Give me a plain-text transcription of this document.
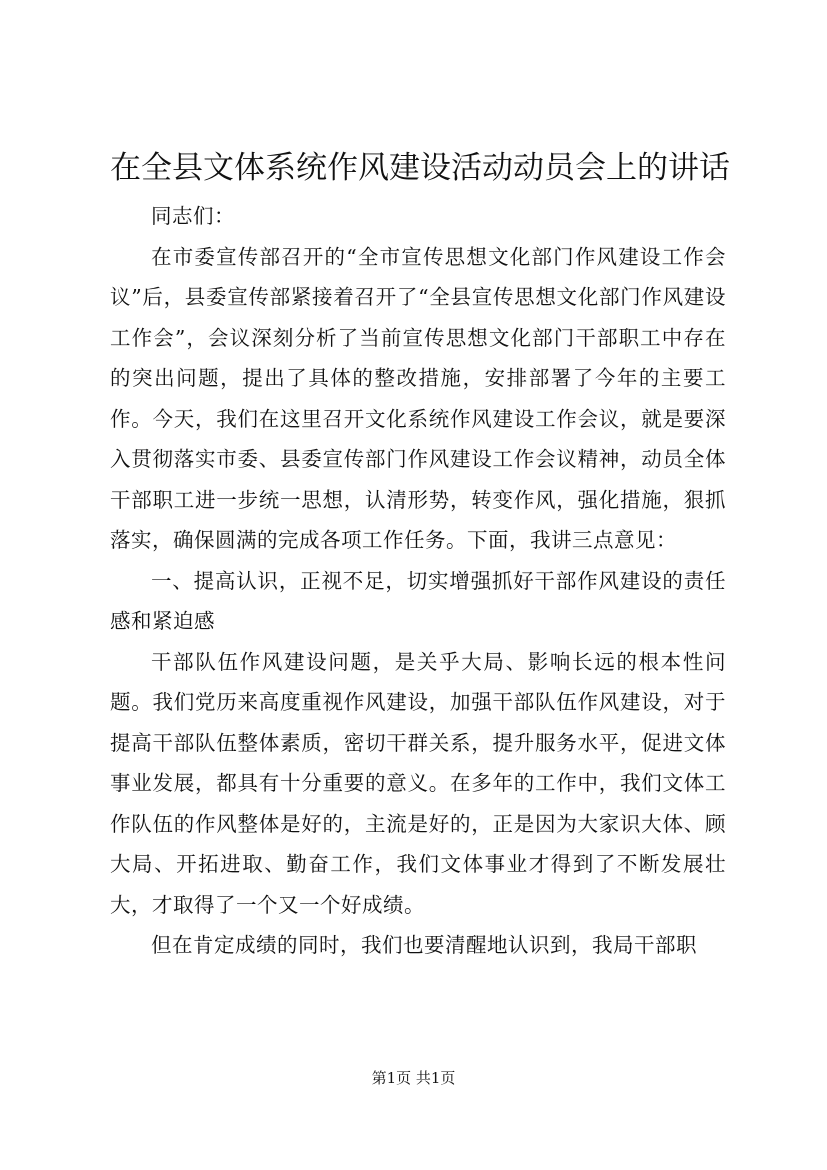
在全县文体系统作风建设活动动员会上的讲话

同志们：

在市委宣传部召开的“全市宣传思想文化部门作风建设工作会议”后，县委宣传部紧接着召开了“全县宣传思想文化部门作风建设工作会”，会议深刻分析了当前宣传思想文化部门干部职工中存在的突出问题，提出了具体的整改措施，安排部署了今年的主要工作。今天，我们在这里召开文化系统作风建设工作会议，就是要深入贯彻落实市委、县委宣传部门作风建设工作会议精神，动员全体干部职工进一步统一思想，认清形势，转变作风，强化措施，狠抓落实，确保圆满的完成各项工作任务。下面，我讲三点意见：

一、提高认识，正视不足，切实增强抓好干部作风建设的责任感和紧迫感

干部队伍作风建设问题，是关乎大局、影响长远的根本性问题。我们党历来高度重视作风建设，加强干部队伍作风建设，对于提高干部队伍整体素质，密切干群关系，提升服务水平，促进文体事业发展，都具有十分重要的意义。在多年的工作中，我们文体工作队伍的作风整体是好的，主流是好的，正是因为大家识大体、顾大局、开拓进取、勤奋工作，我们文体事业才得到了不断发展壮大，才取得了一个又一个好成绩。

但在肯定成绩的同时，我们也要清醒地认识到，我局干部职

第1页 共1页
